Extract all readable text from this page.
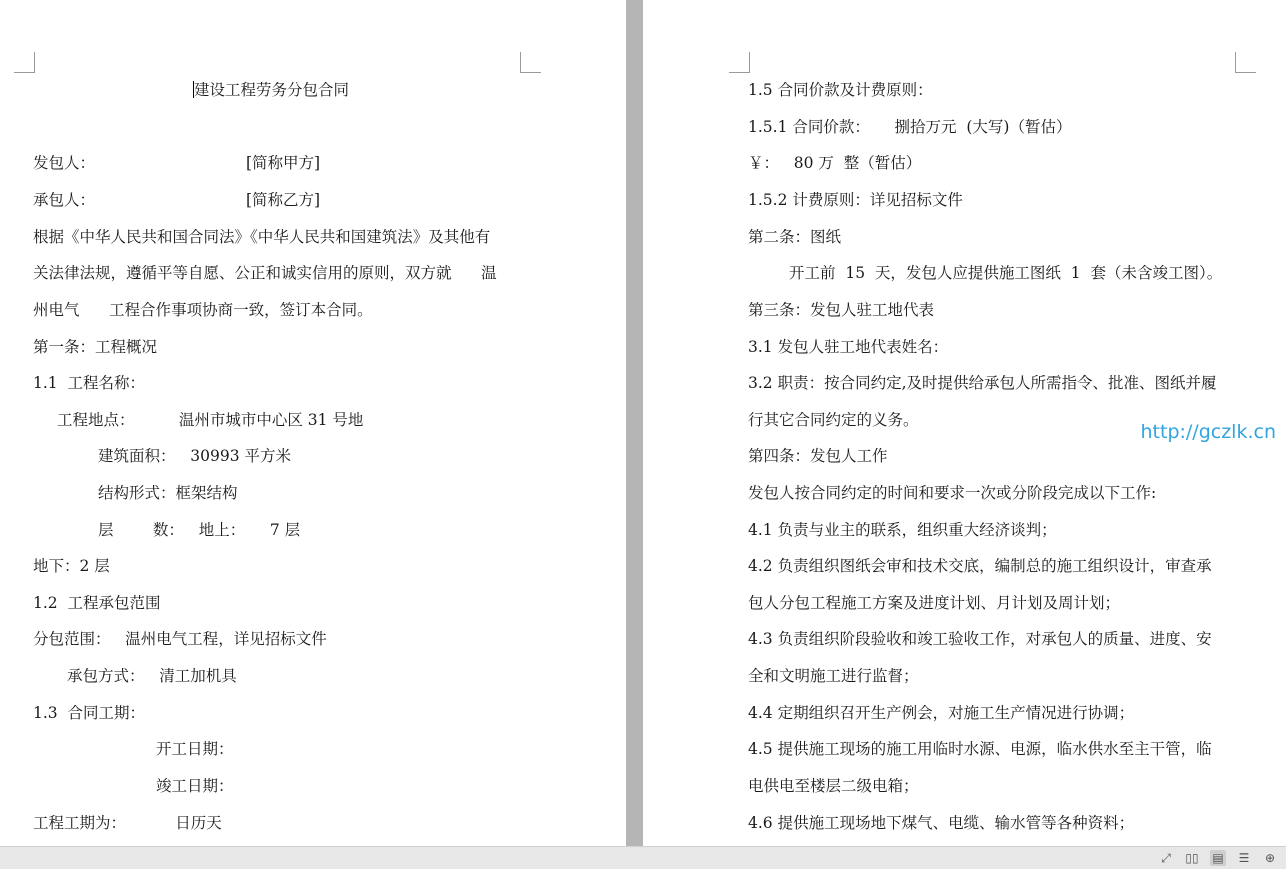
建设工程劳务分包合同
发包人：	[简称甲方]
承包人：	[简称乙方]
根据《中华人民共和国合同法》《中华人民共和国建筑法》及其他有
关法律法规，遵循平等自愿、公正和诚实信用的原则，双方就      温
州电气      工程合作事项协商一致，签订本合同。
第一条：工程概况
1.1  工程名称：
工程地点：         温州市城市中心区 31 号地
建筑面积：   30993 平方米
结构形式：框架结构
层        数：   地上：     7 层
地下：2 层
1.2  工程承包范围
分包范围：   温州电气工程，详见招标文件
承包方式：   清工加机具
1.3  合同工期：
开工日期：
竣工日期：
工程工期为：          日历天
1.5 合同价款及计费原则：
1.5.1 合同价款：     捌拾万元  (大写)（暂估）
￥：   80 万  整（暂估）
1.5.2 计费原则：详见招标文件
第二条：图纸
开工前  15  天，发包人应提供施工图纸  1  套（未含竣工图）。
第三条：发包人驻工地代表
3.1 发包人驻工地代表姓名：
3.2 职责：按合同约定,及时提供给承包人所需指令、批准、图纸并履
行其它合同约定的义务。
第四条：发包人工作
发包人按合同约定的时间和要求一次或分阶段完成以下工作:
4.1 负责与业主的联系，组织重大经济谈判；
4.2 负责组织图纸会审和技术交底，编制总的施工组织设计，审查承
包人分包工程施工方案及进度计划、月计划及周计划；
4.3 负责组织阶段验收和竣工验收工作，对承包人的质量、进度、安
全和文明施工进行监督；
4.4 定期组织召开生产例会，对施工生产情况进行协调；
4.5 提供施工现场的施工用临时水源、电源，临水供水至主干管，临
电供电至楼层二级电箱；
4.6 提供施工现场地下煤气、电缆、输水管等各种资料；
http://gczlk.cn
⤢ ▯▯ ▤ ☰ ⊕
